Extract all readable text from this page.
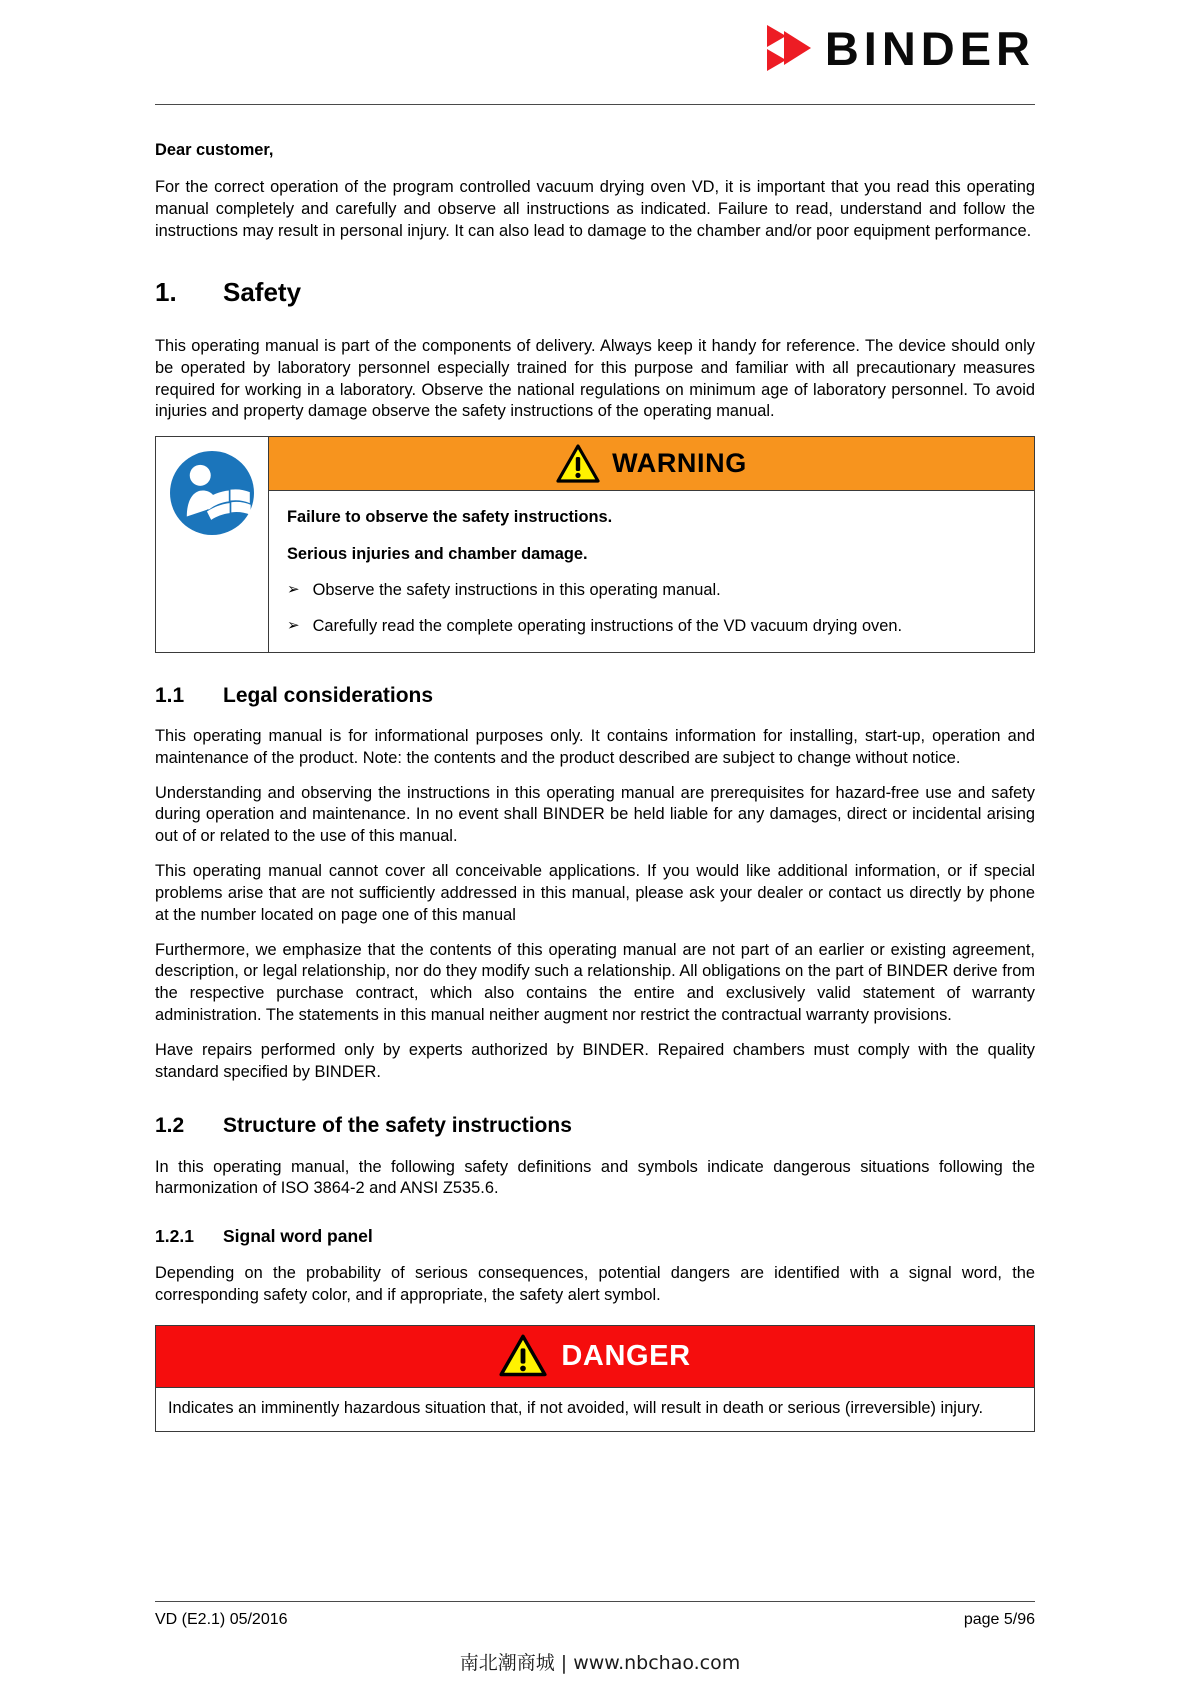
BINDER
Dear customer,

For the correct operation of the program controlled vacuum drying oven VD, it is important that you read this operating manual completely and carefully and observe all instructions as indicated. Failure to read, understand and follow the instructions may result in personal injury. It can also lead to damage to the chamber and/or poor equipment performance.

1.	Safety

This operating manual is part of the components of delivery. Always keep it handy for reference. The device should only be operated by laboratory personnel especially trained for this purpose and familiar with all precautionary measures required for working in a laboratory. Observe the national regulations on minimum age of laboratory personnel. To avoid injuries and property damage observe the safety instructions of the operating manual.

WARNING
Failure to observe the safety instructions.
Serious injuries and chamber damage.
➢ Observe the safety instructions in this operating manual.
➢ Carefully read the complete operating instructions of the VD vacuum drying oven.
1.1	Legal considerations

This operating manual is for informational purposes only. It contains information for installing, start-up, operation and maintenance of the product. Note: the contents and the product described are subject to change without notice.

Understanding and observing the instructions in this operating manual are prerequisites for hazard-free use and safety during operation and maintenance. In no event shall BINDER be held liable for any damages, direct or incidental arising out of or related to the use of this manual.

This operating manual cannot cover all conceivable applications. If you would like additional information, or if special problems arise that are not sufficiently addressed in this manual, please ask your dealer or contact us directly by phone at the number located on page one of this manual

Furthermore, we emphasize that the contents of this operating manual are not part of an earlier or existing agreement, description, or legal relationship, nor do they modify such a relationship. All obligations on the part of BINDER derive from the respective purchase contract, which also contains the entire and exclusively valid statement of warranty administration. The statements in this manual neither augment nor restrict the contractual warranty provisions.

Have repairs performed only by experts authorized by BINDER. Repaired chambers must comply with the quality standard specified by BINDER.

1.2	Structure of the safety instructions

In this operating manual, the following safety definitions and symbols indicate dangerous situations following the harmonization of ISO 3864-2 and ANSI Z535.6.

1.2.1	Signal word panel

Depending on the probability of serious consequences, potential dangers are identified with a signal word, the corresponding safety color, and if appropriate, the safety alert symbol.

DANGER
Indicates an imminently hazardous situation that, if not avoided, will result in death or serious (irreversible) injury.
VD (E2.1) 05/2016	page 5/96
南北潮商城 | www.nbchao.com
